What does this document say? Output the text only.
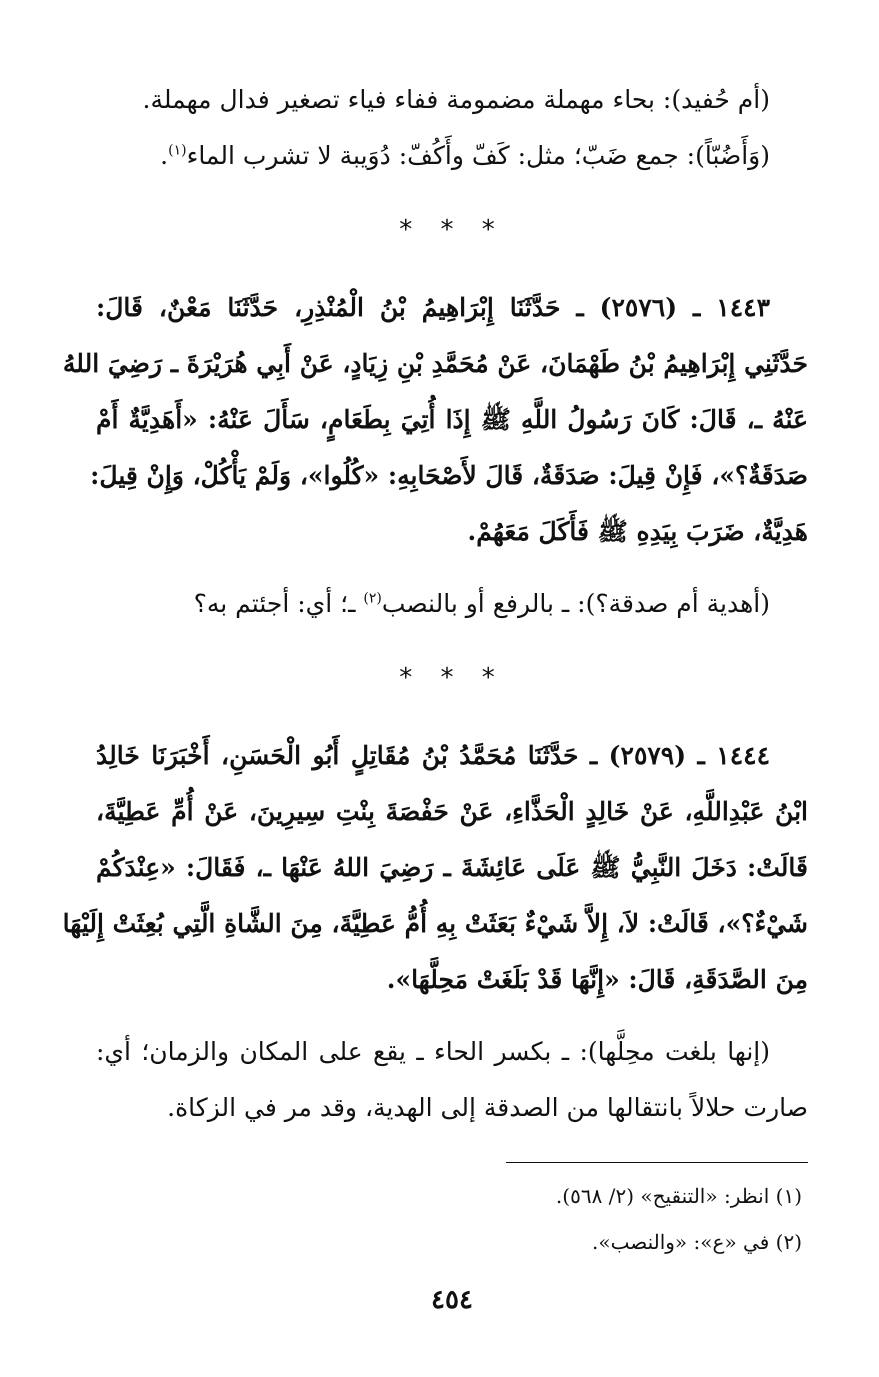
(أم حُفيد): بحاء مهملة مضمومة ففاء فياء تصغير فدال مهملة.
(وَأَضُبّاً): جمع ضَبّ؛ مثل: كَفّ وأَكُفّ: دُوَيبة لا تشرب الماء$^{(١)}$.
* * *
١٤٤٣ ـ (٢٥٧٦) ـ حَدَّثَنَا إِبْرَاهِيمُ بْنُ الْمُنْذِرِ، حَدَّثَنَا مَعْنٌ، قَالَ:
حَدَّثَنِي إِبْرَاهِيمُ بْنُ طَهْمَانَ، عَنْ مُحَمَّدِ بْنِ زِيَادٍ، عَنْ أَبِي هُرَيْرَةَ ـ رَضِيَ اللهُ
عَنْهُ ـ، قَالَ: كَانَ رَسُولُ اللَّهِ ﷺ إِذَا أُتِيَ بِطَعَامٍ، سَأَلَ عَنْهُ: «أَهَدِيَّةٌ أَمْ
صَدَقَةٌ؟»، فَإِنْ قِيلَ: صَدَقَةٌ، قَالَ لأَصْحَابِهِ: «كُلُوا»، وَلَمْ يَأْكُلْ، وَإِنْ قِيلَ:
هَدِيَّةٌ، ضَرَبَ بِيَدِهِ ﷺ فَأَكَلَ مَعَهُمْ.
(أهدية أم صدقة؟): ـ بالرفع أو بالنصب$^{(٢)}$ ـ؛ أي: أجئتم به؟
* * *
١٤٤٤ ـ (٢٥٧٩) ـ حَدَّثَنَا مُحَمَّدُ بْنُ مُقَاتِلٍ أَبُو الْحَسَنِ، أَخْبَرَنَا خَالِدُ
ابْنُ عَبْدِاللَّهِ، عَنْ خَالِدٍ الْحَذَّاءِ، عَنْ حَفْصَةَ بِنْتِ سِيرِينَ، عَنْ أُمِّ عَطِيَّةَ،
قَالَتْ: دَخَلَ النَّبِيُّ ﷺ عَلَى عَائِشَةَ ـ رَضِيَ اللهُ عَنْهَا ـ، فَقَالَ: «عِنْدَكُمْ
شَيْءٌ؟»، قَالَتْ: لاَ، إِلاَّ شَيْءٌ بَعَثَتْ بِهِ أُمُّ عَطِيَّةَ، مِنَ الشَّاةِ الَّتِي بُعِثَتْ إِلَيْهَا
مِنَ الصَّدَقَةِ، قَالَ: «إِنَّهَا قَدْ بَلَغَتْ مَحِلَّهَا».
(إنها بلغت محِلَّها): ـ بكسر الحاء ـ يقع على المكان والزمان؛ أي:
صارت حلالاً بانتقالها من الصدقة إلى الهدية، وقد مر في الزكاة.
(١) انظر: «التنقيح» (٢/ ٥٦٨).
(٢) في «ع»: «والنصب».
٤٥٤
